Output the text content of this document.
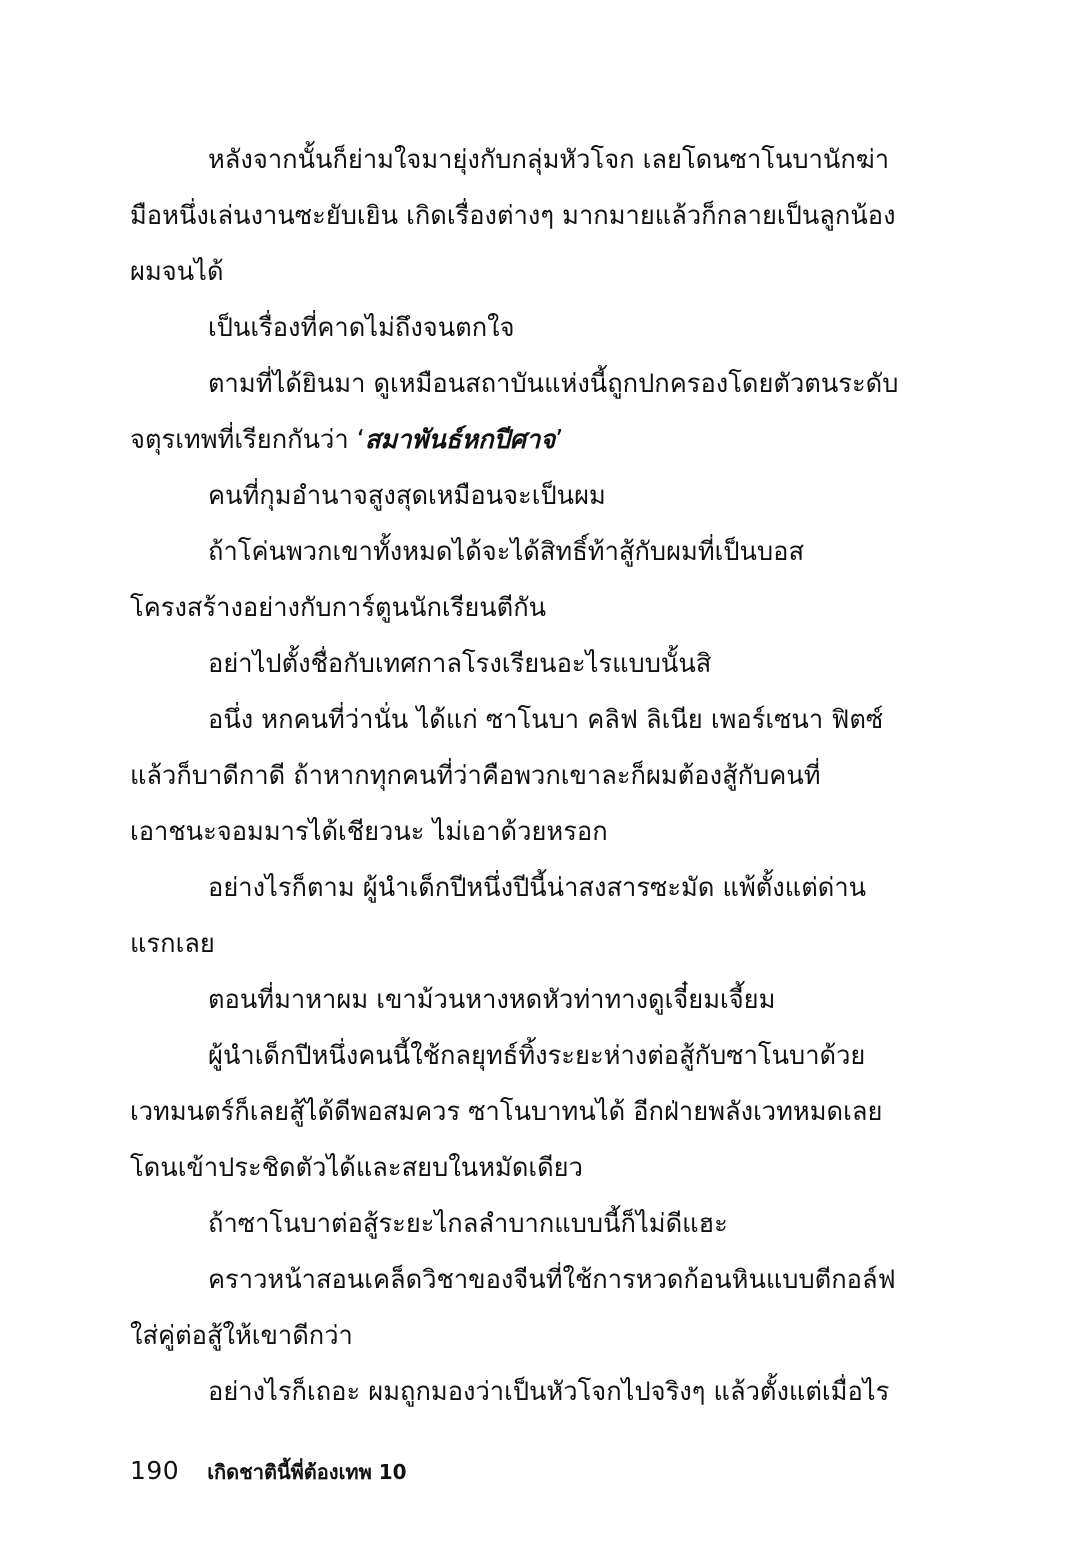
หลังจากนั้นก็ย่ามใจมายุ่งกับกลุ่มหัวโจก เลยโดนซาโนบานักฆ่ามือหนึ่งเล่นงานซะยับเยิน เกิดเรื่องต่างๆ มากมายแล้วก็กลายเป็นลูกน้องผมจนได้

เป็นเรื่องที่คาดไม่ถึงจนตกใจ

ตามที่ได้ยินมา ดูเหมือนสถาบันแห่งนี้ถูกปกครองโดยตัวตนระดับจตุรเทพที่เรียกกันว่า ‘สมาพันธ์หกปีศาจ’

คนที่กุมอำนาจสูงสุดเหมือนจะเป็นผม

ถ้าโค่นพวกเขาทั้งหมดได้จะได้สิทธิ์ท้าสู้กับผมที่เป็นบอส โครงสร้างอย่างกับการ์ตูนนักเรียนตีกัน

อย่าไปตั้งชื่อกับเทศกาลโรงเรียนอะไรแบบนั้นสิ

อนึ่ง หกคนที่ว่านั่น ได้แก่ ซาโนบา คลิฟ ลิเนีย เพอร์เซนา ฟิตซ์ แล้วก็บาดีกาดี ถ้าหากทุกคนที่ว่าคือพวกเขาละก็ผมต้องสู้กับคนที่เอาชนะจอมมารได้เชียวนะ ไม่เอาด้วยหรอก

อย่างไรก็ตาม ผู้นำเด็กปีหนึ่งปีนี้น่าสงสารซะมัด แพ้ตั้งแต่ด่านแรกเลย

ตอนที่มาหาผม เขาม้วนหางหดหัวท่าทางดูเจี๋ยมเจี้ยม

ผู้นำเด็กปีหนึ่งคนนี้ใช้กลยุทธ์ทิ้งระยะห่างต่อสู้กับซาโนบาด้วยเวทมนตร์ก็เลยสู้ได้ดีพอสมควร ซาโนบาทนได้ อีกฝ่ายพลังเวทหมดเลยโดนเข้าประชิดตัวได้และสยบในหมัดเดียว

ถ้าซาโนบาต่อสู้ระยะไกลลำบากแบบนี้ก็ไม่ดีแฮะ

คราวหน้าสอนเคล็ดวิชาของจีนที่ใช้การหวดก้อนหินแบบตีกอล์ฟใส่คู่ต่อสู้ให้เขาดีกว่า

อย่างไรก็เถอะ ผมถูกมองว่าเป็นหัวโจกไปจริงๆ แล้วตั้งแต่เมื่อไร

190 เกิดชาตินี้พี่ต้องเทพ 10
